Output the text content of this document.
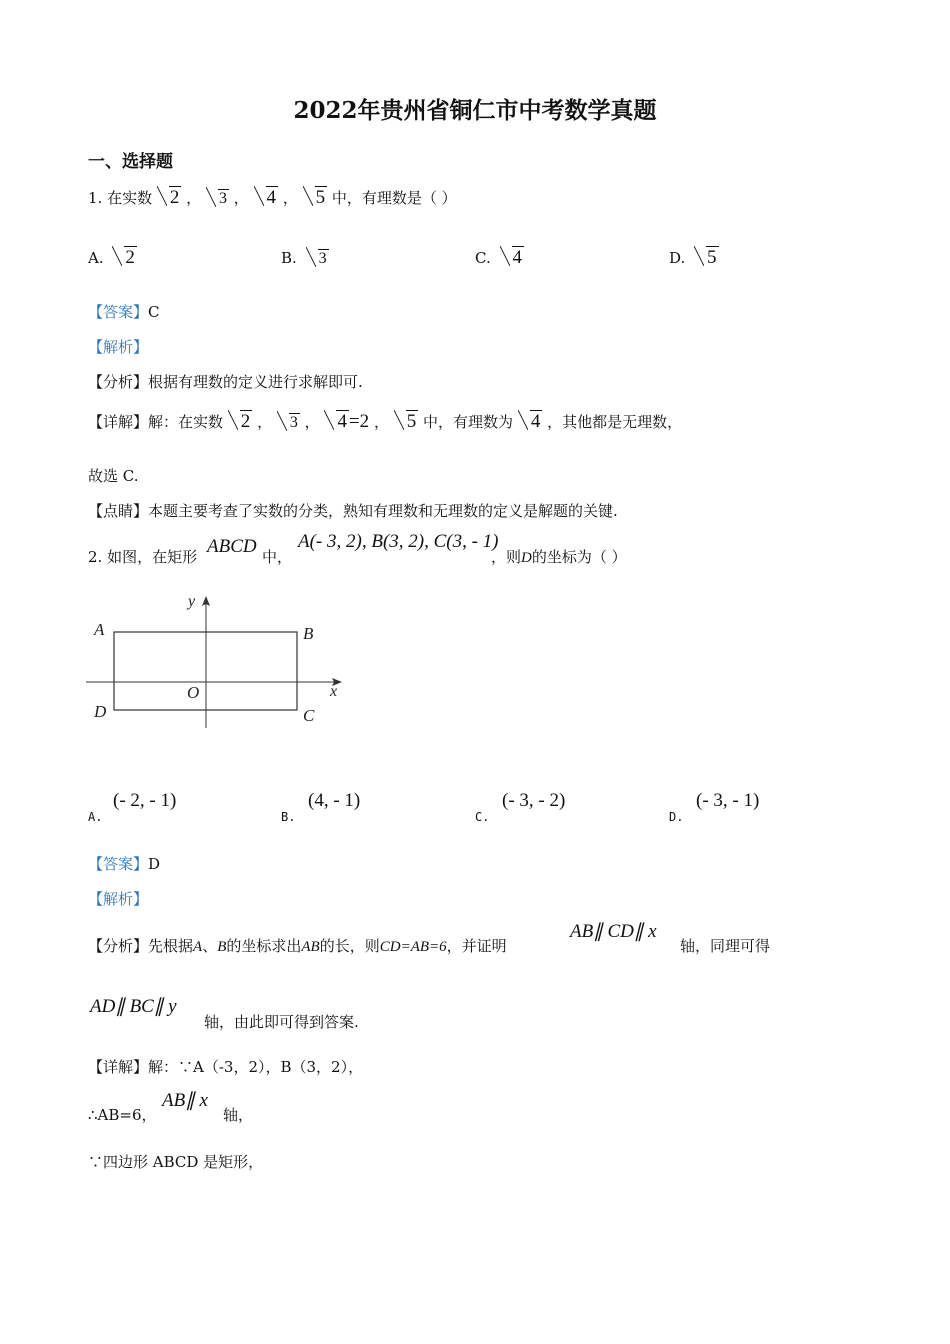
2022年贵州省铜仁市中考数学真题
一、选择题
1. 在实数 2 ， 3 ， 4 ， 5 中，有理数是（ ）
A. 2	B. 3	C. 4	D. 5
【答案】C
【解析】
【分析】根据有理数的定义进行求解即可.
【详解】解：在实数 2 ， 3 ， 4 =2 ， 5 中，有理数为 4 ，其他都是无理数，
故选 C.
【点睛】本题主要考查了实数的分类，熟知有理数和无理数的定义是解题的关键.
2. 如图，在矩形 ABCD 中，
A(- 3, 2), B(3, 2), C(3, - 1)
，则D的坐标为（ ）
A	B
C
D
O	x
y
A.
(- 2, - 1)
B.
(4, - 1)
C.
(- 3, - 2)
D.
(- 3, - 1)
【答案】D
【解析】
【分析】先根据A、B的坐标求出AB的长，则CD=AB=6，并证明
AB∥ CD∥ x
轴，同理可得
AD∥ BC∥ y
轴，由此即可得到答案.
【详解】解：∵A（-3，2），B（3，2），
∴AB=6，
AB∥ x
轴，
∵四边形 ABCD 是矩形，
